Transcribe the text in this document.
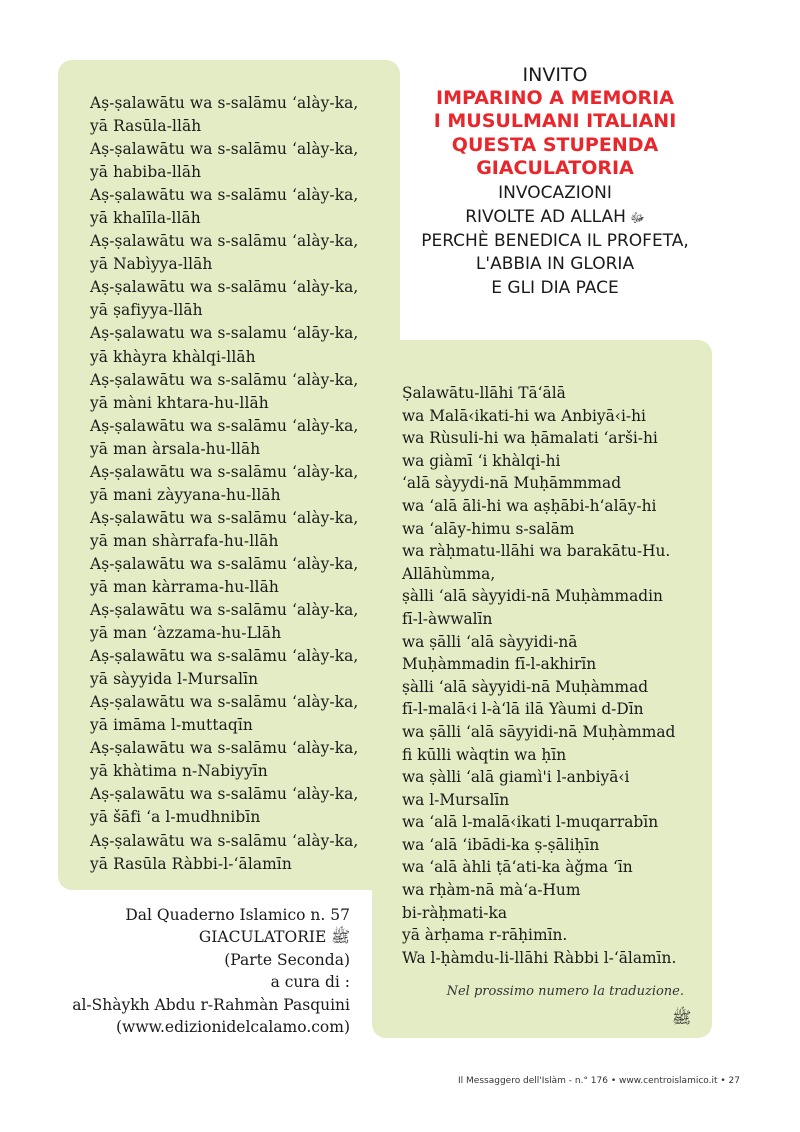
Aṣ-ṣalawātu wa s-salāmu ʻalày-ka,
yā Rasūla-llāh
Aṣ-ṣalawātu wa s-salāmu ʻalày-ka,
yā habiba-llāh
Aṣ-ṣalawātu wa s-salāmu ʻalày-ka,
yā khalīla-llāh
Aṣ-ṣalawātu wa s-salāmu ʻalày-ka,
yā Nabìyya-llāh
Aṣ-ṣalawātu wa s-salāmu ʻalày-ka,
yā ṣafiyya-llāh
Aṣ-ṣalawatu wa s-salamu ʻalāy-ka,
yā khàyra khàlqi-llāh
Aṣ-ṣalawātu wa s-salāmu ʻalày-ka,
yā màni khtara-hu-llāh
Aṣ-ṣalawātu wa s-salāmu ʻalày-ka,
yā man àrsala-hu-llāh
Aṣ-ṣalawātu wa s-salāmu ʻalày-ka,
yā mani zàyyana-hu-llāh
Aṣ-ṣalawātu wa s-salāmu ʻalày-ka,
yā man shàrrafa-hu-llāh
Aṣ-ṣalawātu wa s-salāmu ʻalày-ka,
yā man kàrrama-hu-llāh
Aṣ-ṣalawātu wa s-salāmu ʻalày-ka,
yā man ʻàzzama-hu-Llāh
Aṣ-ṣalawātu wa s-salāmu ʻalày-ka,
yā sàyyida l-Mursalīn
Aṣ-ṣalawātu wa s-salāmu ʻalày-ka,
yā imāma l-muttaqīn
Aṣ-ṣalawātu wa s-salāmu ʻalày-ka,
yā khàtima n-Nabiyyīn
Aṣ-ṣalawātu wa s-salāmu ʻalày-ka,
yā šāfi ʻa l-mudhnibīn
Aṣ-ṣalawātu wa s-salāmu ʻalày-ka,
yā Rasūla Ràbbi-l-ʻālamīn
INVITO
IMPARINO A MEMORIA
I MUSULMANI ITALIANI
QUESTA STUPENDA
GIACULATORIA
INVOCAZIONI
RIVOLTE AD ALLAH ﷻ
PERCHÈ BENEDICA IL PROFETA,
L'ABBIA IN GLORIA
E GLI DIA PACE
Ṣalawātu-llāhi Tāʻālā
wa Malā‹ikati-hi wa Anbiyā‹i-hi
wa Rùsuli-hi wa ḥāmalati ʻarši-hi
wa giàmī ʻi khàlqi-hi
ʻalā sàyydi-nā Muḥāmmmad
wa ʻalā āli-hi wa aṣḥābi-hʻalāy-hi
wa ʻalāy-himu s-salām
wa ràḥmatu-llāhi wa barakātu-Hu.
Allāhùmma,
ṣàlli ʻalā sàyyidi-nā Muḥàmmadin
fī-l-àwwalīn
wa ṣālli ʻalā sàyyidi-nā
Muḥàmmadin fī-l-akhirīn
ṣàlli ʻalā sàyyidi-nā Muḥàmmad
fī-l-malā‹i l-àʻlā ilā Yàumi d-Dīn
wa ṣālli ʻalā sāyyidi-nā Muḥàmmad
fi kūlli wàqtin wa ḥīn
wa ṣàlli ʻalā giamì'i l-anbiyā‹i
wa l-Mursalīn
wa ʻalā l-malā‹ikati l-muqarrabīn
wa ʻalā ʻibādi-ka ṣ-ṣāliḥīn
wa ʻalā àhli ṭāʻati-ka àǧma ʻīn
wa rḥàm-nā màʻa-Hum
bi-ràḥmati-ka
yā àrḥama r-rāḥimīn.
Wa l-ḥàmdu-li-llāhi Ràbbi l-ʻālamīn.
Nel prossimo numero la traduzione.
ﷺ
Dal Quaderno Islamico n. 57
GIACULATORIE ﷺ
(Parte Seconda)
a cura di :
al-Shàykh Abdu r-Rahmàn Pasquini
(www.edizionidelcalamo.com)
Il Messaggero dell'Islàm - n.° 176 • www.centroislamico.it • 27
